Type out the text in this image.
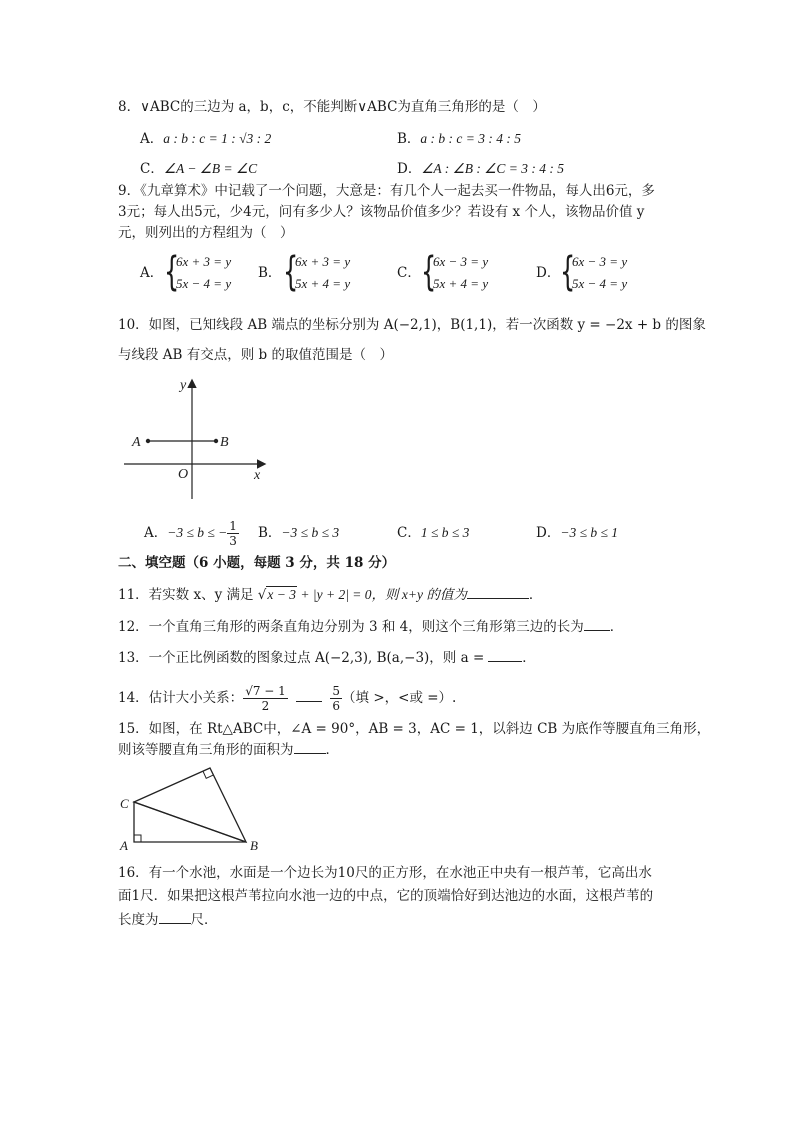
8．∨ABC的三边为 a，b，c，不能判断∨ABC为直角三角形的是（　）
A．a : b : c = 1 : √3 : 2	B．a : b : c = 3 : 4 : 5
C．∠A − ∠B = ∠C	D．∠A : ∠B : ∠C = 3 : 4 : 5
9．《九章算术》中记载了一个问题，大意是：有几个人一起去买一件物品，每人出6元，多
3元；每人出5元，少4元，问有多少人？该物品价值多少？若设有 x 个人，该物品价值 y
元，则列出的方程组为（　）
A． {
6x + 3 = y
5x − 4 = y
B． {
6x + 3 = y
5x + 4 = y
C． {
6x − 3 = y
5x + 4 = y
D． {
6x − 3 = y
5x − 4 = y
10．如图，已知线段 AB 端点的坐标分别为 A(−2,1)，B(1,1)，若一次函数 y = −2x + b 的图象
与线段 AB 有交点，则 b 的取值范围是（　）
y
x
O
A	B
A．−3 ≤ b ≤ − $\frac{1}{3}$ B．−3 ≤ b ≤ 3	C．1 ≤ b ≤ 3	D．−3 ≤ b ≤ 1
二、填空题（6 小题，每题 3 分，共 18 分）
11．若实数 x、y 满足 √x − 3 + |y + 2| = 0，则 x+y 的值为	．
12．一个直角三角形的两条直角边分别为 3 和 4，则这个三角形第三边的长为 ．
13．一个正比例函数的图象过点 A(−2,3), B(a,−3)，则 a =	．
14．估计大小关系： $\frac{√7 - 1}{2}$
	$\frac{5}{6}$ （填 >，<或 =）.
15．如图，在 Rt△ABC中，∠A = 90°，AB = 3，AC = 1，以斜边 CB 为底作等腰直角三角形，
则该等腰直角三角形的面积为 ．
C
A	B
16．有一个水池，水面是一个边长为10尺的正方形，在水池正中央有一根芦苇，它高出水
面1尺．如果把这根芦苇拉向水池一边的中点，它的顶端恰好到达池边的水面，这根芦苇的
长度为 尺．
